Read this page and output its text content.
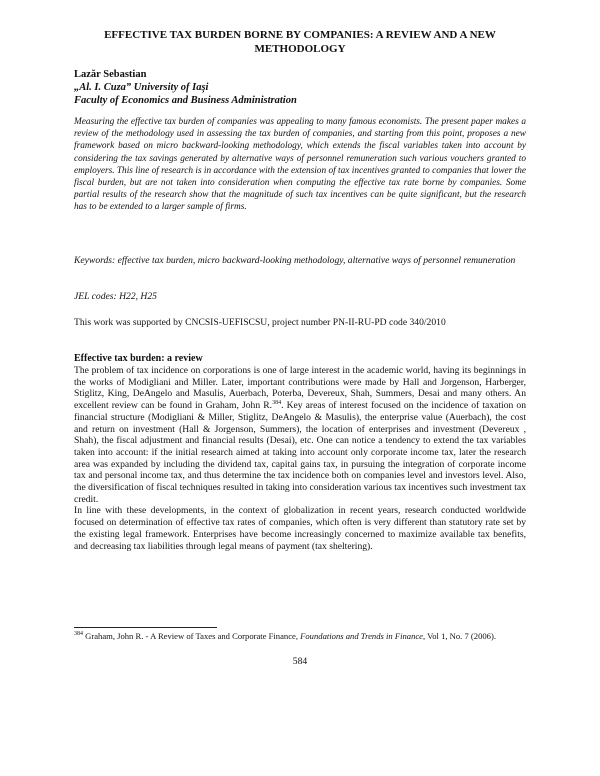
EFFECTIVE TAX BURDEN BORNE BY COMPANIES: A REVIEW AND A NEW METHODOLOGY
Lazăr Sebastian
„Al. I. Cuza” University of Iaşi
Faculty of Economics and Business Administration

Measuring the effective tax burden of companies was appealing to many famous economists. The present paper makes a review of the methodology used in assessing the tax burden of companies, and starting from this point, proposes a new framework based on micro backward-looking methodology, which extends the fiscal variables taken into account by considering the tax savings generated by alternative ways of personnel remuneration such various vouchers granted to employers. This line of research is in accordance with the extension of tax incentives granted to companies that lower the fiscal burden, but are not taken into consideration when computing the effective tax rate borne by companies. Some partial results of the research show that the magnitude of such tax incentives can be quite significant, but the research has to be extended to a larger sample of firms.

Keywords: effective tax burden, micro backward-looking methodology, alternative ways of personnel remuneration

JEL codes: H22, H25

This work was supported by CNCSIS-UEFISCSU, project number PN-II-RU-PD code 340/2010

Effective tax burden: a review

The problem of tax incidence on corporations is one of large interest in the academic world, having its beginnings in the works of Modigliani and Miller. Later, important contributions were made by Hall and Jorgenson, Harberger, Stiglitz, King, DeAngelo and Masulis, Auerbach, Poterba, Devereux, Shah, Summers, Desai and many others. An excellent review can be found in Graham, John R.$^{384}$. Key areas of interest focused on the incidence of taxation on financial structure (Modigliani & Miller, Stiglitz, DeAngelo & Masulis), the enterprise value (Auerbach), the cost and return on investment (Hall & Jorgenson, Summers), the location of enterprises and investment (Devereux , Shah), the fiscal adjustment and financial results (Desai), etc. One can notice a tendency to extend the tax variables taken into account: if the initial research aimed at taking into account only corporate income tax, later the research area was expanded by including the dividend tax, capital gains tax, in pursuing the integration of corporate income tax and personal income tax, and thus determine the tax incidence both on companies level and investors level. Also, the diversification of fiscal techniques resulted in taking into consideration various tax incentives such investment tax credit.

In line with these developments, in the context of globalization in recent years, research conducted worldwide focused on determination of effective tax rates of companies, which often is very different than statutory rate set by the existing legal framework. Enterprises have become increasingly concerned to maximize available tax benefits, and decreasing tax liabilities through legal means of payment (tax sheltering).

$^{384}$ Graham, John R. - A Review of Taxes and Corporate Finance, Foundations and Trends in Finance, Vol 1, No. 7 (2006).

584
